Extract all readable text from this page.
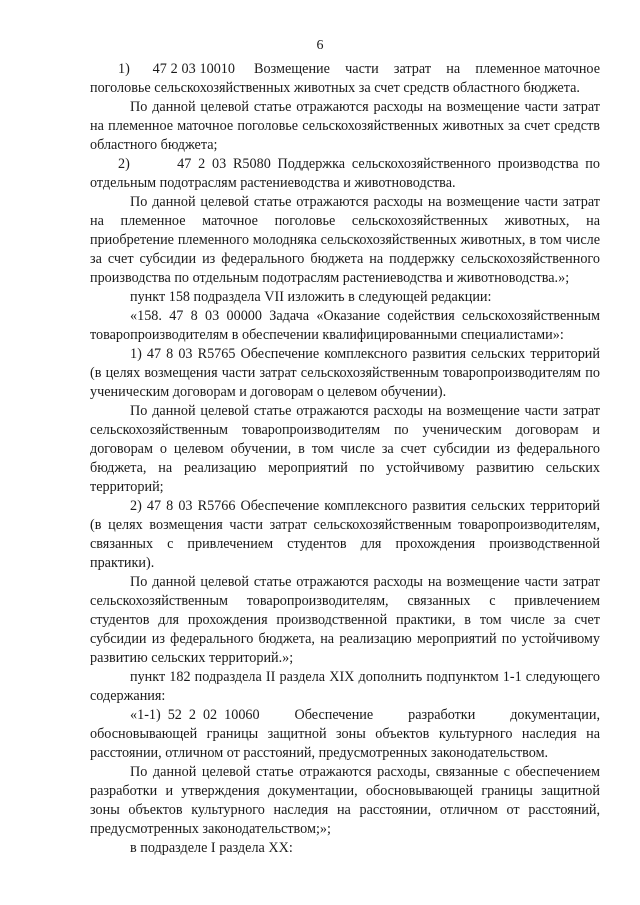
6

1)      47 2 03 10010     Возмещение    части    затрат    на    племенное маточное поголовье сельскохозяйственных животных за счет средств областного бюджета.

По данной целевой статье отражаются расходы на возмещение части затрат на племенное маточное поголовье сельскохозяйственных животных за счет средств областного бюджета;

2)       47 2 03 R5080 Поддержка сельскохозяйственного производства по отдельным подотраслям растениеводства и животноводства.

По данной целевой статье отражаются расходы на возмещение части затрат на племенное маточное поголовье сельскохозяйственных животных, на приобретение племенного молодняка сельскохозяйственных животных, в том числе за счет субсидии из федерального бюджета на поддержку сельскохозяйственного производства по отдельным подотраслям растениеводства и животноводства.»;

пункт 158 подраздела VII изложить в следующей редакции:

«158. 47 8 03 00000 Задача «Оказание содействия сельскохозяйственным товаропроизводителям в обеспечении квалифицированными специалистами»:

1) 47 8 03 R5765 Обеспечение комплексного развития сельских территорий (в целях возмещения части затрат сельскохозяйственным товаропроизводителям по ученическим договорам и договорам о целевом обучении).

По данной целевой статье отражаются расходы на возмещение части затрат сельскохозяйственным товаропроизводителям по ученическим договорам и договорам о целевом обучении, в том числе за счет субсидии из федерального бюджета, на реализацию мероприятий по устойчивому развитию сельских территорий;

2) 47 8 03 R5766 Обеспечение комплексного развития сельских территорий (в целях возмещения части затрат сельскохозяйственным товаропроизводителям, связанных с привлечением студентов для прохождения производственной практики).

По данной целевой статье отражаются расходы на возмещение части затрат сельскохозяйственным товаропроизводителям, связанных с привлечением студентов для прохождения производственной практики, в том числе за счет субсидии из федерального бюджета, на реализацию мероприятий по устойчивому развитию сельских территорий.»;

пункт 182 подраздела II раздела XIX дополнить подпунктом 1-1 следующего содержания:

«1-1) 52 2 02 10060     Обеспечение     разработки     документации, обосновывающей границы защитной зоны объектов культурного наследия на расстоянии, отличном от расстояний, предусмотренных законодательством.

По данной целевой статье отражаются расходы, связанные с обеспечением разработки и утверждения документации, обосновывающей границы защитной зоны объектов культурного наследия на расстоянии, отличном от расстояний, предусмотренных законодательством;»;

в подразделе I раздела XX:
